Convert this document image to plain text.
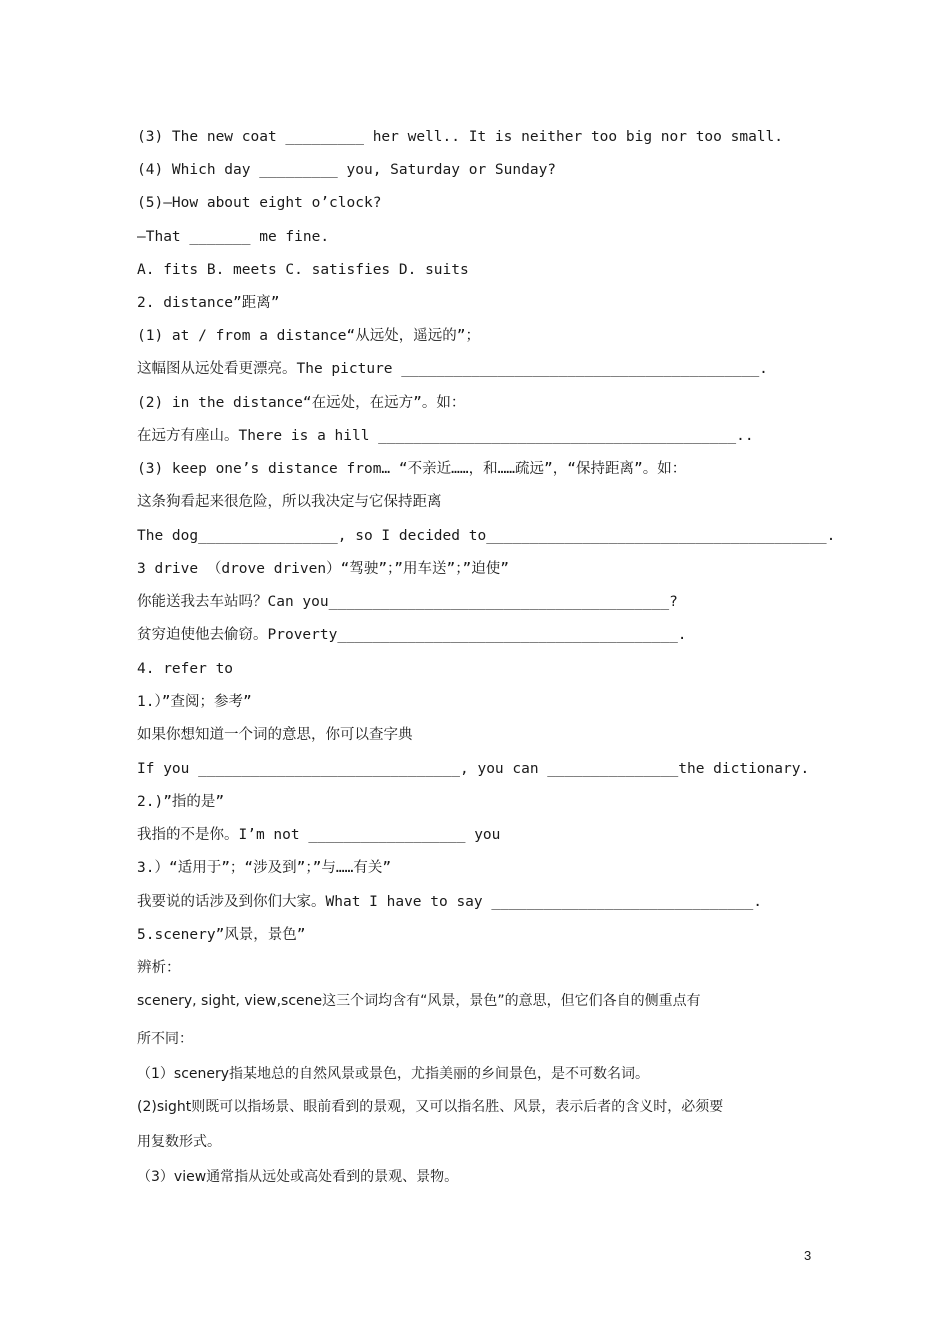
(3) The new coat _________ her well.. It is neither too big nor too small.
(4) Which day _________ you, Saturday or Sunday?
(5)—How about eight o’clock?
—That _______ me fine.
A. fits B. meets C. satisfies D. suits
2. distance”距离”
(1) at / from a distance“从远处，遥远的”；
这幅图从远处看更漂亮。The picture _________________________________________.
(2) in the distance“在远处，在远方”。如：
在远方有座山。There is a hill _________________________________________..
(3) keep one’s distance from… “不亲近……，和……疏远”，“保持距离”。如：
这条狗看起来很危险，所以我决定与它保持距离
The dog________________, so I decided to_______________________________________.
3 drive （drove driven）“驾驶”；”用车送”；”迫使”
你能送我去车站吗？Can you_______________________________________?
贫穷迫使他去偷窃。Proverty_______________________________________.
4. refer to
1.）”查阅；参考”
如果你想知道一个词的意思，你可以查字典
If you ______________________________, you can _______________the dictionary.
2.)”指的是”
我指的不是你。I’m not __________________ you
3.）“适用于”；“涉及到”；”与……有关”
我要说的话涉及到你们大家。What I have to say ______________________________.
5.scenery”风景，景色”
辨析：
scenery, sight, view,scene这三个词均含有“风景，景色”的意思，但它们各自的侧重点有
所不同：
（1）scenery指某地总的自然风景或景色，尤指美丽的乡间景色，是不可数名词。
(2)sight则既可以指场景、眼前看到的景观，又可以指名胜、风景，表示后者的含义时，必须要
用复数形式。
（3）view通常指从远处或高处看到的景观、景物。
3
